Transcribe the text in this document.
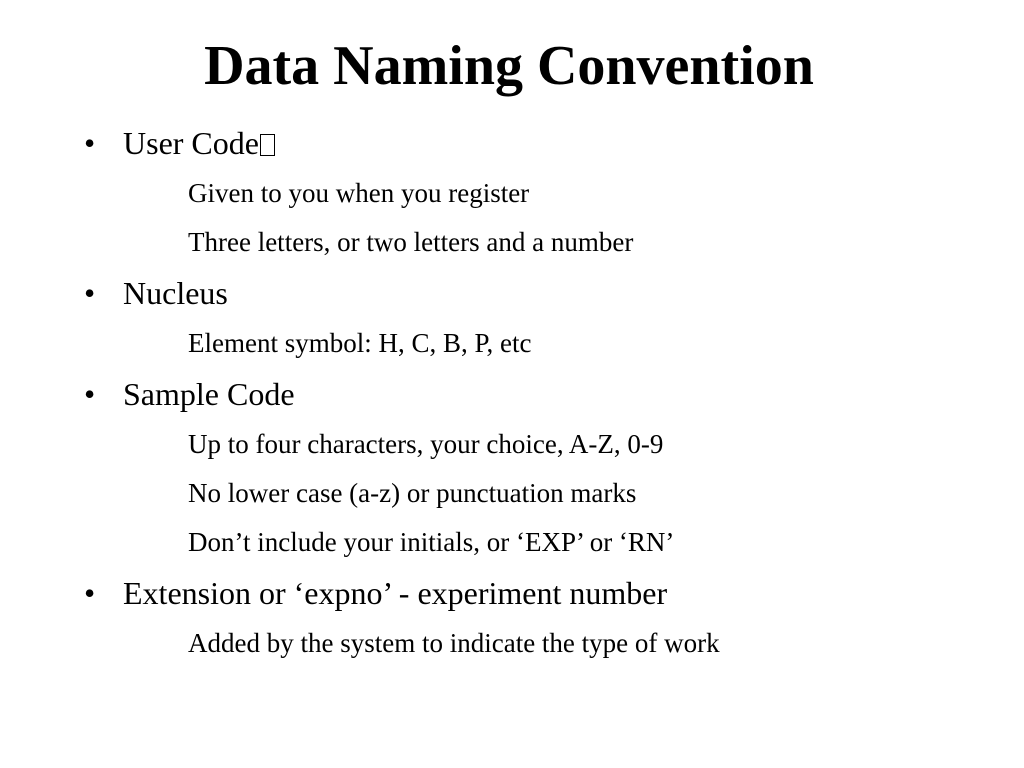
Data Naming Convention
• User Code
Given to you when you register
Three letters, or two letters and a number
• Nucleus
Element symbol: H, C, B, P, etc
• Sample Code
Up to four characters, your choice, A-Z, 0-9
No lower case (a-z) or punctuation marks
Don’t include your initials, or ‘EXP’ or ‘RN’
• Extension or ‘expno’ - experiment number
Added by the system to indicate the type of work
